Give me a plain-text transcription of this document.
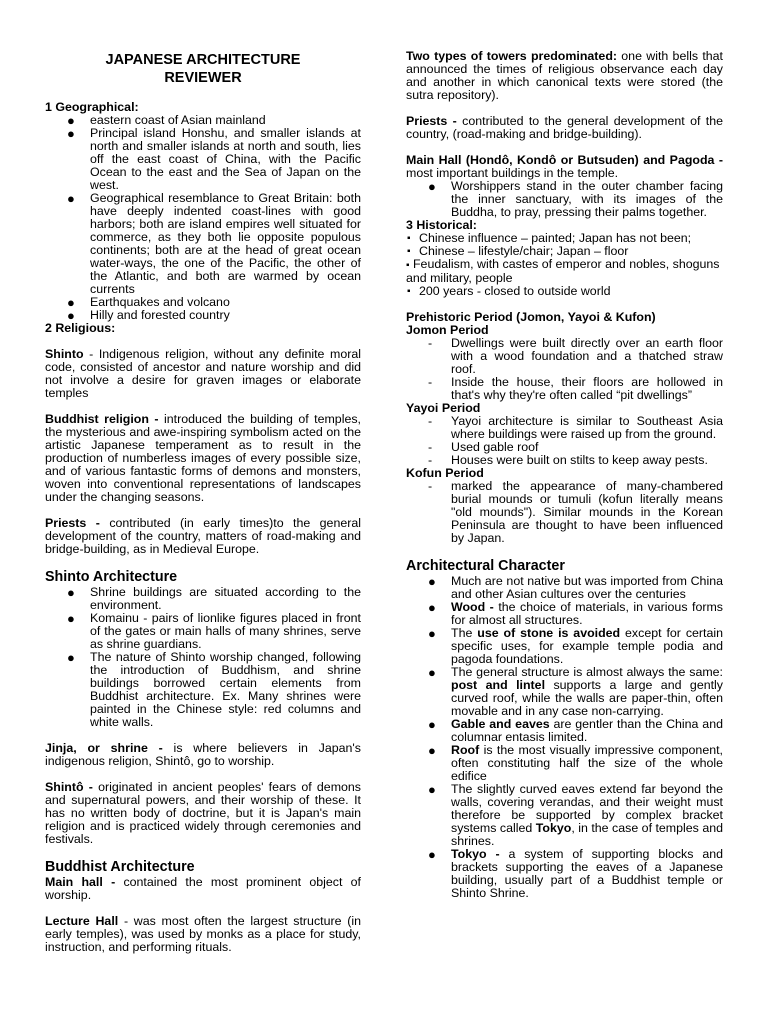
JAPANESE ARCHITECTURE

REVIEWER

1 Geographical:

● eastern coast of Asian mainland
● Principal island Honshu, and smaller islands at north and smaller islands at north and south, lies off the east coast of China, with the Pacific Ocean to the east and the Sea of Japan on the west.
● Geographical resemblance to Great Britain: both have deeply indented coast-lines with good harbors; both are island empires well situated for commerce, as they both lie opposite populous continents; both are at the head of great ocean water-ways, the one of the Pacific, the other of the Atlantic, and both are warmed by ocean currents
● Earthquakes and volcano
● Hilly and forested country

2 Religious:

Shinto - Indigenous religion, without any definite moral code, consisted of ancestor and nature worship and did not involve a desire for graven images or elaborate temples

Buddhist religion - introduced the building of temples, the mysterious and awe-inspiring symbolism acted on the artistic Japanese temperament as to result in the production of numberless images of every possible size, and of various fantastic forms of demons and monsters, woven into conventional representations of landscapes under the changing seasons.

Priests - contributed (in early times)to the general development of the country, matters of road-making and bridge-building, as in Medieval Europe.

Shinto Architecture
● Shrine buildings are situated according to the environment.
● Komainu - pairs of lionlike figures placed in front of the gates or main halls of many shrines, serve as shrine guardians.
● The nature of Shinto worship changed, following the introduction of Buddhism, and shrine buildings borrowed certain elements from Buddhist architecture. Ex. Many shrines were painted in the Chinese style: red columns and white walls.

Jinja, or shrine - is where believers in Japan's indigenous religion, Shintô, go to worship.

Shintô - originated in ancient peoples' fears of demons and supernatural powers, and their worship of these. It has no written body of doctrine, but it is Japan's main religion and is practiced widely through ceremonies and festivals.

Buddhist Architecture

Main hall - contained the most prominent object of worship.

Lecture Hall - was most often the largest structure (in early temples), was used by monks as a place for study, instruction, and performing rituals.

Two types of towers predominated: one with bells that announced the times of religious observance each day and another in which canonical texts were stored (the sutra repository).

Priests - contributed to the general development of the country, (road-making and bridge-building).

Main Hall (Hondô, Kondô or Butsuden) and Pagoda - most important buildings in the temple.

● Worshippers stand in the outer chamber facing the inner sanctuary, with its images of the Buddha, to pray, pressing their palms together.

3 Historical:

▪ Chinese influence – painted; Japan has not been;
▪ Chinese – lifestyle/chair; Japan – floor
▪ Feudalism, with castes of emperor and nobles, shoguns and military, people
▪ 200 years - closed to outside world

Prehistoric Period (Jomon, Yayoi & Kufon)

Jomon Period

- Dwellings were built directly over an earth floor with a wood foundation and a thatched straw roof.
- Inside the house, their floors are hollowed in that's why they're often called “pit dwellings”

Yayoi Period

- Yayoi architecture is similar to Southeast Asia where buildings were raised up from the ground.
- Used gable roof
- Houses were built on stilts to keep away pests.

Kofun Period

- marked the appearance of many-chambered burial mounds or tumuli (kofun literally means "old mounds"). Similar mounds in the Korean Peninsula are thought to have been influenced by Japan.
Architectural Character
● Much are not native but was imported from China and other Asian cultures over the centuries
● Wood - the choice of materials, in various forms for almost all structures.
● The use of stone is avoided except for certain specific uses, for example temple podia and pagoda foundations.
● The general structure is almost always the same: post and lintel supports a large and gently curved roof, while the walls are paper-thin, often movable and in any case non-carrying.
● Gable and eaves are gentler than the China and columnar entasis limited.
● Roof is the most visually impressive component, often constituting half the size of the whole edifice
● The slightly curved eaves extend far beyond the walls, covering verandas, and their weight must therefore be supported by complex bracket systems called Tokyo, in the case of temples and shrines.
● Tokyo - a system of supporting blocks and brackets supporting the eaves of a Japanese building, usually part of a Buddhist temple or Shinto Shrine.
